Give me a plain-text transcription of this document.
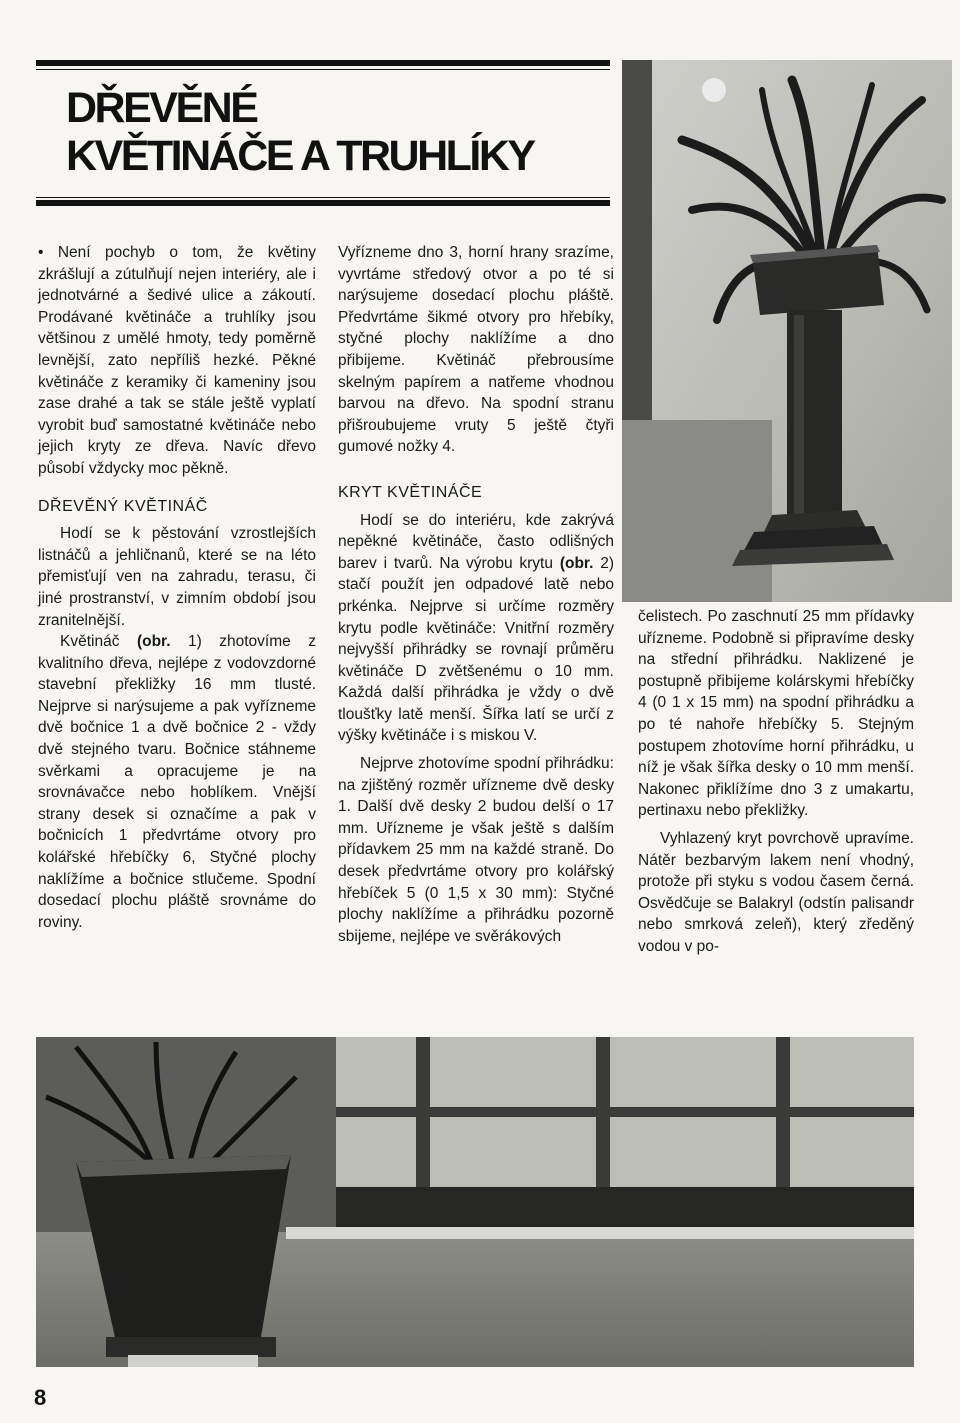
DŘEVĚNÉ
KVĚTINÁČE A TRUHLÍKY

• Není pochyb o tom, že květiny zkrášlují a zútulňují nejen interiéry, ale i jednotvárné a šedivé ulice a zákoutí. Prodávané květináče a truhlíky jsou většinou z umělé hmoty, tedy poměrně levnější, zato nepříliš hezké. Pěkné květináče z keramiky či kameniny jsou zase drahé a tak se stále ještě vyplatí vyrobit buď samostatné květináče nebo jejich kryty ze dřeva. Navíc dřevo působí vždycky moc pěkně.

DŘEVĚNÝ KVĚTINÁČ

Hodí se k pěstování vzrostlejších listnáčů a jehličnanů, které se na léto přemisťují ven na zahradu, terasu, či jiné prostranství, v zimním období jsou zranitelnější.

Květináč (obr. 1) zhotovíme z kvalitního dřeva, nejlépe z vodovzdorné stavební překližky 16 mm tlusté. Nejprve si narýsujeme a pak vyřízneme dvě bočnice 1 a dvě bočnice 2 - vždy dvě stejného tvaru. Bočnice stáhneme svěrkami a opracujeme je na srovnávačce nebo hoblíkem. Vnější strany desek si označíme a pak v bočnicích 1 předvrtáme otvory pro kolářské hřebíčky 6, Styčné plochy naklížíme a bočnice stlučeme. Spodní dosedací plochu pláště srovnáme do roviny.

Vyřízneme dno 3, horní hrany srazíme, vyvrtáme středový otvor a po té si narýsujeme dosedací plochu pláště. Předvrtáme šikmé otvory pro hřebíky, styčné plochy naklížíme a dno přibijeme. Květináč přebrousíme skelným papírem a natřeme vhodnou barvou na dřevo. Na spodní stranu přišroubujeme vruty 5 ještě čtyři gumové nožky 4.

KRYT KVĚTINÁČE

Hodí se do interiéru, kde zakrývá nepěkné květináče, často odlišných barev i tvarů. Na výrobu krytu (obr. 2) stačí použít jen odpadové latě nebo prkénka. Nejprve si určíme rozměry krytu podle květináče: Vnitřní rozměry nejvyšší přihrádky se rovnají průměru květináče D zvětšenému o 10 mm. Každá další přihrádka je vždy o dvě tloušťky latě menší. Šířka latí se určí z výšky květináče i s miskou V.

Nejprve zhotovíme spodní přihrádku: na zjištěný rozměr uřízneme dvě desky 1. Další dvě desky 2 budou delší o 17 mm. Uřízneme je však ještě s dalším přídavkem 25 mm na každé straně. Do desek předvrtáme otvory pro kolářský hřebíček 5 (0 1,5 x 30 mm): Styčné plochy naklížíme a přihrádku pozorně sbijeme, nejlépe ve svěrákových

čelistech. Po zaschnutí 25 mm přídavky uřízneme. Podobně si připravíme desky na střední přihrádku. Naklizené je postupně přibijeme kolárskymi hřebíčky 4 (0 1 x 15 mm) na spodní přihrádku a po té nahoře hřebíčky 5. Stejným postupem zhotovíme horní přihrádku, u níž je však šířka desky o 10 mm menší. Nakonec přiklížíme dno 3 z umakartu, pertinaxu nebo překližky.

Vyhlazený kryt povrchově upravíme. Nátěr bezbarvým lakem není vhodný, protože při styku s vodou časem černá. Osvědčuje se Balakryl (odstín palisandr nebo smrková zeleň), který zředěný vodou v po-

8
